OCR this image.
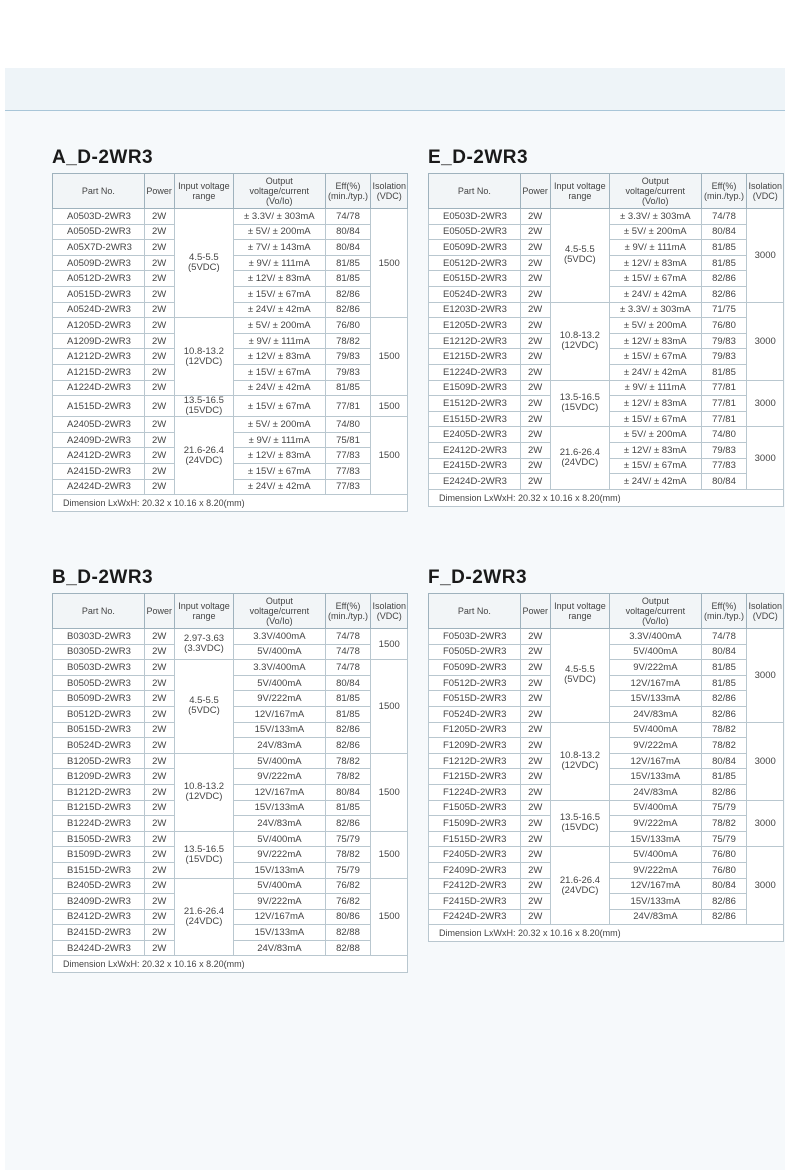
A_D-2WR3
Part No.	Power	Input voltage range	Output voltage/current (Vo/Io)	Eff(%) (min./typ.)	Isolation (VDC)
A0503D-2WR3	2W	4.5-5.5 (5VDC)	± 3.3V/ ± 303mA	74/78	1500
A0505D-2WR3	2W		± 5V/ ± 200mA	80/84	
A05X7D-2WR3	2W		± 7V/ ± 143mA	80/84	
A0509D-2WR3	2W		± 9V/ ± 111mA	81/85	
A0512D-2WR3	2W		± 12V/ ± 83mA	81/85	
A0515D-2WR3	2W		± 15V/ ± 67mA	82/86	
A0524D-2WR3	2W		± 24V/ ± 42mA	82/86	
A1205D-2WR3	2W	10.8-13.2 (12VDC)	± 5V/ ± 200mA	76/80	1500
A1209D-2WR3	2W		± 9V/ ± 111mA	78/82	
A1212D-2WR3	2W		± 12V/ ± 83mA	79/83	
A1215D-2WR3	2W		± 15V/ ± 67mA	79/83	
A1224D-2WR3	2W		± 24V/ ± 42mA	81/85	
A1515D-2WR3	2W	13.5-16.5 (15VDC)	± 15V/ ± 67mA	77/81	1500
A2405D-2WR3	2W	21.6-26.4 (24VDC)	± 5V/ ± 200mA	74/80	1500
A2409D-2WR3	2W		± 9V/ ± 111mA	75/81	
A2412D-2WR3	2W		± 12V/ ± 83mA	77/83	
A2415D-2WR3	2W		± 15V/ ± 67mA	77/83	
A2424D-2WR3	2W		± 24V/ ± 42mA	77/83	
Dimension LxWxH: 20.32 x 10.16 x 8.20(mm)					
E_D-2WR3
Part No.	Power	Input voltage range	Output voltage/current (Vo/Io)	Eff(%) (min./typ.)	Isolation (VDC)
E0503D-2WR3	2W	4.5-5.5 (5VDC)	± 3.3V/ ± 303mA	74/78	3000
E0505D-2WR3	2W		± 5V/ ± 200mA	80/84	
E0509D-2WR3	2W		± 9V/ ± 111mA	81/85	
E0512D-2WR3	2W		± 12V/ ± 83mA	81/85	
E0515D-2WR3	2W		± 15V/ ± 67mA	82/86	
E0524D-2WR3	2W		± 24V/ ± 42mA	82/86	
E1203D-2WR3	2W	10.8-13.2 (12VDC)	± 3.3V/ ± 303mA	71/75	3000
E1205D-2WR3	2W		± 5V/ ± 200mA	76/80	
E1212D-2WR3	2W		± 12V/ ± 83mA	79/83	
E1215D-2WR3	2W		± 15V/ ± 67mA	79/83	
E1224D-2WR3	2W		± 24V/ ± 42mA	81/85	
E1509D-2WR3	2W	13.5-16.5 (15VDC)	± 9V/ ± 111mA	77/81	3000
E1512D-2WR3	2W		± 12V/ ± 83mA	77/81	
E1515D-2WR3	2W		± 15V/ ± 67mA	77/81	
E2405D-2WR3	2W	21.6-26.4 (24VDC)	± 5V/ ± 200mA	74/80	3000
E2412D-2WR3	2W		± 12V/ ± 83mA	79/83	
E2415D-2WR3	2W		± 15V/ ± 67mA	77/83	
E2424D-2WR3	2W		± 24V/ ± 42mA	80/84	
Dimension LxWxH: 20.32 x 10.16 x 8.20(mm)					
B_D-2WR3
Part No.	Power	Input voltage range	Output voltage/current (Vo/Io)	Eff(%) (min./typ.)	Isolation (VDC)
B0303D-2WR3	2W	2.97-3.63 (3.3VDC)	3.3V/400mA	74/78	1500
B0305D-2WR3	2W		5V/400mA	74/78	
B0503D-2WR3	2W	4.5-5.5 (5VDC)	3.3V/400mA	74/78	1500
B0505D-2WR3	2W		5V/400mA	80/84	
B0509D-2WR3	2W		9V/222mA	81/85	
B0512D-2WR3	2W		12V/167mA	81/85	
B0515D-2WR3	2W		15V/133mA	82/86	
B0524D-2WR3	2W		24V/83mA	82/86	
B1205D-2WR3	2W	10.8-13.2 (12VDC)	5V/400mA	78/82	1500
B1209D-2WR3	2W		9V/222mA	78/82	
B1212D-2WR3	2W		12V/167mA	80/84	
B1215D-2WR3	2W		15V/133mA	81/85	
B1224D-2WR3	2W		24V/83mA	82/86	
B1505D-2WR3	2W	13.5-16.5 (15VDC)	5V/400mA	75/79	1500
B1509D-2WR3	2W		9V/222mA	78/82	
B1515D-2WR3	2W		15V/133mA	75/79	
B2405D-2WR3	2W	21.6-26.4 (24VDC)	5V/400mA	76/82	1500
B2409D-2WR3	2W		9V/222mA	76/82	
B2412D-2WR3	2W		12V/167mA	80/86	
B2415D-2WR3	2W		15V/133mA	82/88	
B2424D-2WR3	2W		24V/83mA	82/88	
Dimension LxWxH: 20.32 x 10.16 x 8.20(mm)					
F_D-2WR3
Part No.	Power	Input voltage range	Output voltage/current (Vo/Io)	Eff(%) (min./typ.)	Isolation (VDC)
F0503D-2WR3	2W	4.5-5.5 (5VDC)	3.3V/400mA	74/78	3000
F0505D-2WR3	2W		5V/400mA	80/84	
F0509D-2WR3	2W		9V/222mA	81/85	
F0512D-2WR3	2W		12V/167mA	81/85	
F0515D-2WR3	2W		15V/133mA	82/86	
F0524D-2WR3	2W		24V/83mA	82/86	
F1205D-2WR3	2W	10.8-13.2 (12VDC)	5V/400mA	78/82	3000
F1209D-2WR3	2W		9V/222mA	78/82	
F1212D-2WR3	2W		12V/167mA	80/84	
F1215D-2WR3	2W		15V/133mA	81/85	
F1224D-2WR3	2W		24V/83mA	82/86	
F1505D-2WR3	2W	13.5-16.5 (15VDC)	5V/400mA	75/79	3000
F1509D-2WR3	2W		9V/222mA	78/82	
F1515D-2WR3	2W		15V/133mA	75/79	
F2405D-2WR3	2W	21.6-26.4 (24VDC)	5V/400mA	76/80	3000
F2409D-2WR3	2W		9V/222mA	76/80	
F2412D-2WR3	2W		12V/167mA	80/84	
F2415D-2WR3	2W		15V/133mA	82/86	
F2424D-2WR3	2W		24V/83mA	82/86	
Dimension LxWxH: 20.32 x 10.16 x 8.20(mm)					
